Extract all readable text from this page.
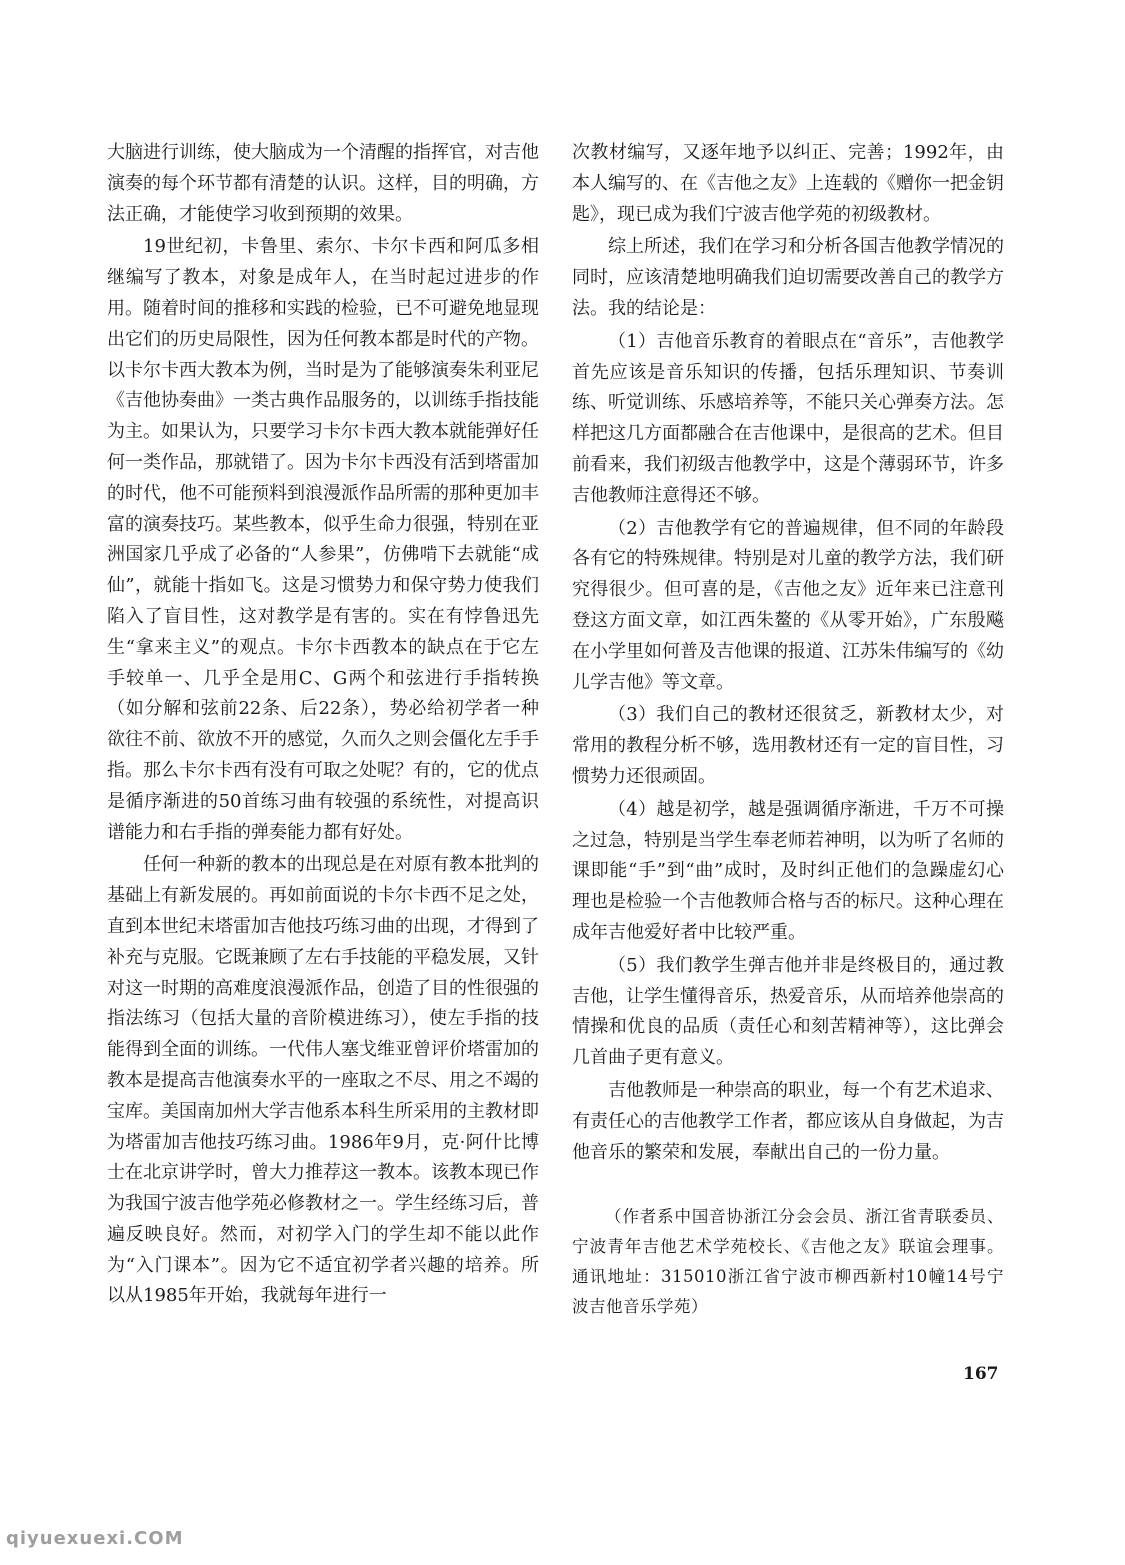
大脑进行训练，使大脑成为一个清醒的指挥官，对吉他演奏的每个环节都有清楚的认识。这样，目的明确，方法正确，才能使学习收到预期的效果。

19世纪初，卡鲁里、索尔、卡尔卡西和阿瓜多相继编写了教本，对象是成年人，在当时起过进步的作用。随着时间的推移和实践的检验，已不可避免地显现出它们的历史局限性，因为任何教本都是时代的产物。以卡尔卡西大教本为例，当时是为了能够演奏朱利亚尼《吉他协奏曲》一类古典作品服务的，以训练手指技能为主。如果认为，只要学习卡尔卡西大教本就能弹好任何一类作品，那就错了。因为卡尔卡西没有活到塔雷加的时代，他不可能预料到浪漫派作品所需的那种更加丰富的演奏技巧。某些教本，似乎生命力很强，特别在亚洲国家几乎成了必备的“人参果”，仿佛啃下去就能“成仙”，就能十指如飞。这是习惯势力和保守势力使我们陷入了盲目性，这对教学是有害的。实在有悖鲁迅先生“拿来主义”的观点。卡尔卡西教本的缺点在于它左手较单一、几乎全是用C、G两个和弦进行手指转换（如分解和弦前22条、后22条），势必给初学者一种欲往不前、欲放不开的感觉，久而久之则会僵化左手手指。那么卡尔卡西有没有可取之处呢？有的，它的优点是循序渐进的50首练习曲有较强的系统性，对提高识谱能力和右手指的弹奏能力都有好处。

任何一种新的教本的出现总是在对原有教本批判的基础上有新发展的。再如前面说的卡尔卡西不足之处，直到本世纪末塔雷加吉他技巧练习曲的出现，才得到了补充与克服。它既兼顾了左右手技能的平稳发展，又针对这一时期的高难度浪漫派作品，创造了目的性很强的指法练习（包括大量的音阶模进练习），使左手指的技能得到全面的训练。一代伟人塞戈维亚曾评价塔雷加的教本是提高吉他演奏水平的一座取之不尽、用之不竭的宝库。美国南加州大学吉他系本科生所采用的主教材即为塔雷加吉他技巧练习曲。1986年9月，克·阿什比博士在北京讲学时，曾大力推荐这一教本。该教本现已作为我国宁波吉他学苑必修教材之一。学生经练习后，普遍反映良好。然而，对初学入门的学生却不能以此作为“入门课本”。因为它不适宜初学者兴趣的培养。所以从1985年开始，我就每年进行一

次教材编写，又逐年地予以纠正、完善；1992年，由本人编写的、在《吉他之友》上连载的《赠你一把金钥匙》，现已成为我们宁波吉他学苑的初级教材。

综上所述，我们在学习和分析各国吉他教学情况的同时，应该清楚地明确我们迫切需要改善自己的教学方法。我的结论是：

（1）吉他音乐教育的着眼点在“音乐”，吉他教学首先应该是音乐知识的传播，包括乐理知识、节奏训练、听觉训练、乐感培养等，不能只关心弹奏方法。怎样把这几方面都融合在吉他课中，是很高的艺术。但目前看来，我们初级吉他教学中，这是个薄弱环节，许多吉他教师注意得还不够。

（2）吉他教学有它的普遍规律，但不同的年龄段各有它的特殊规律。特别是对儿童的教学方法，我们研究得很少。但可喜的是，《吉他之友》近年来已注意刊登这方面文章，如江西朱鳌的《从零开始》，广东殷飚在小学里如何普及吉他课的报道、江苏朱伟编写的《幼儿学吉他》等文章。

（3）我们自己的教材还很贫乏，新教材太少，对常用的教程分析不够，选用教材还有一定的盲目性，习惯势力还很顽固。

（4）越是初学，越是强调循序渐进，千万不可操之过急，特别是当学生奉老师若神明，以为听了名师的课即能“手”到“曲”成时，及时纠正他们的急躁虚幻心理也是检验一个吉他教师合格与否的标尺。这种心理在成年吉他爱好者中比较严重。

（5）我们教学生弹吉他并非是终极目的，通过教吉他，让学生懂得音乐，热爱音乐，从而培养他崇高的情操和优良的品质（责任心和刻苦精神等），这比弹会几首曲子更有意义。

吉他教师是一种崇高的职业，每一个有艺术追求、有责任心的吉他教学工作者，都应该从自身做起，为吉他音乐的繁荣和发展，奉献出自己的一份力量。

（作者系中国音协浙江分会会员、浙江省青联委员、宁波青年吉他艺术学苑校长、《吉他之友》联谊会理事。通讯地址：315010浙江省宁波市柳西新村10幢14号宁波吉他音乐学苑）

167
qiyuexuexi.COM
